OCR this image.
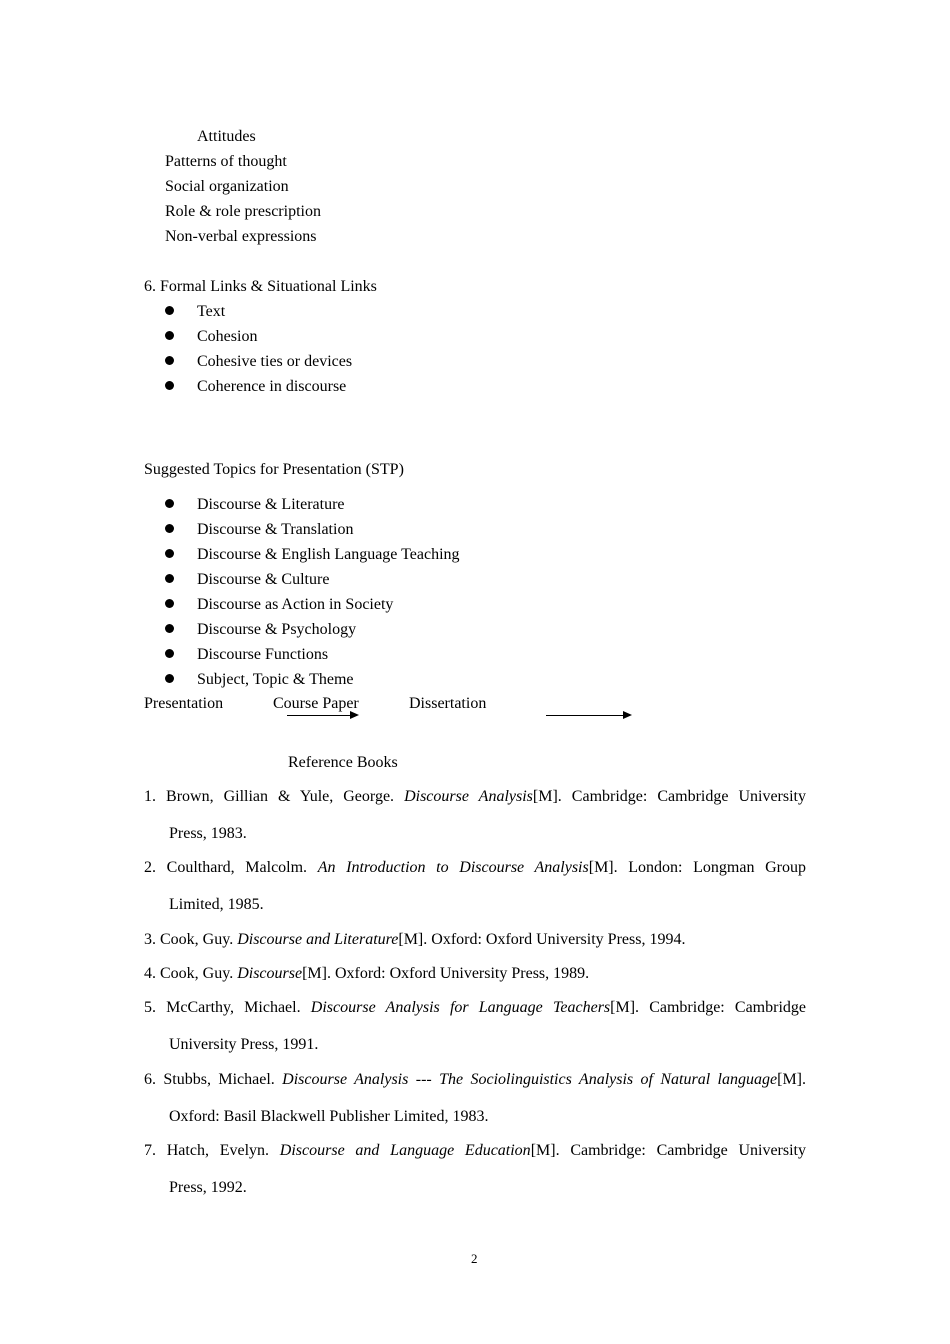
Attitudes
Patterns of thought
Social organization
Role & role prescription
Non-verbal expressions
6. Formal Links & Situational Links
Text
Cohesion
Cohesive ties or devices
Coherence in discourse
Suggested Topics for Presentation (STP)
Discourse & Literature
Discourse & Translation
Discourse & English Language Teaching
Discourse & Culture
Discourse as Action in Society
Discourse & Psychology
Discourse Functions
Subject, Topic & Theme
Presentation	Course Paper	Dissertation
Reference Books
1. Brown, Gillian & Yule, George. Discourse Analysis[M]. Cambridge: Cambridge University
Press, 1983.
2. Coulthard, Malcolm. An Introduction to Discourse Analysis[M]. London: Longman Group
Limited, 1985.
3. Cook, Guy. Discourse and Literature[M]. Oxford: Oxford University Press, 1994.
4. Cook, Guy. Discourse[M]. Oxford: Oxford University Press, 1989.
5. McCarthy, Michael. Discourse Analysis for Language Teachers[M]. Cambridge: Cambridge
University Press, 1991.
6. Stubbs, Michael. Discourse Analysis --- The Sociolinguistics Analysis of Natural language[M].
Oxford: Basil Blackwell Publisher Limited, 1983.
7. Hatch, Evelyn. Discourse and Language Education[M]. Cambridge: Cambridge University
Press, 1992.
2
